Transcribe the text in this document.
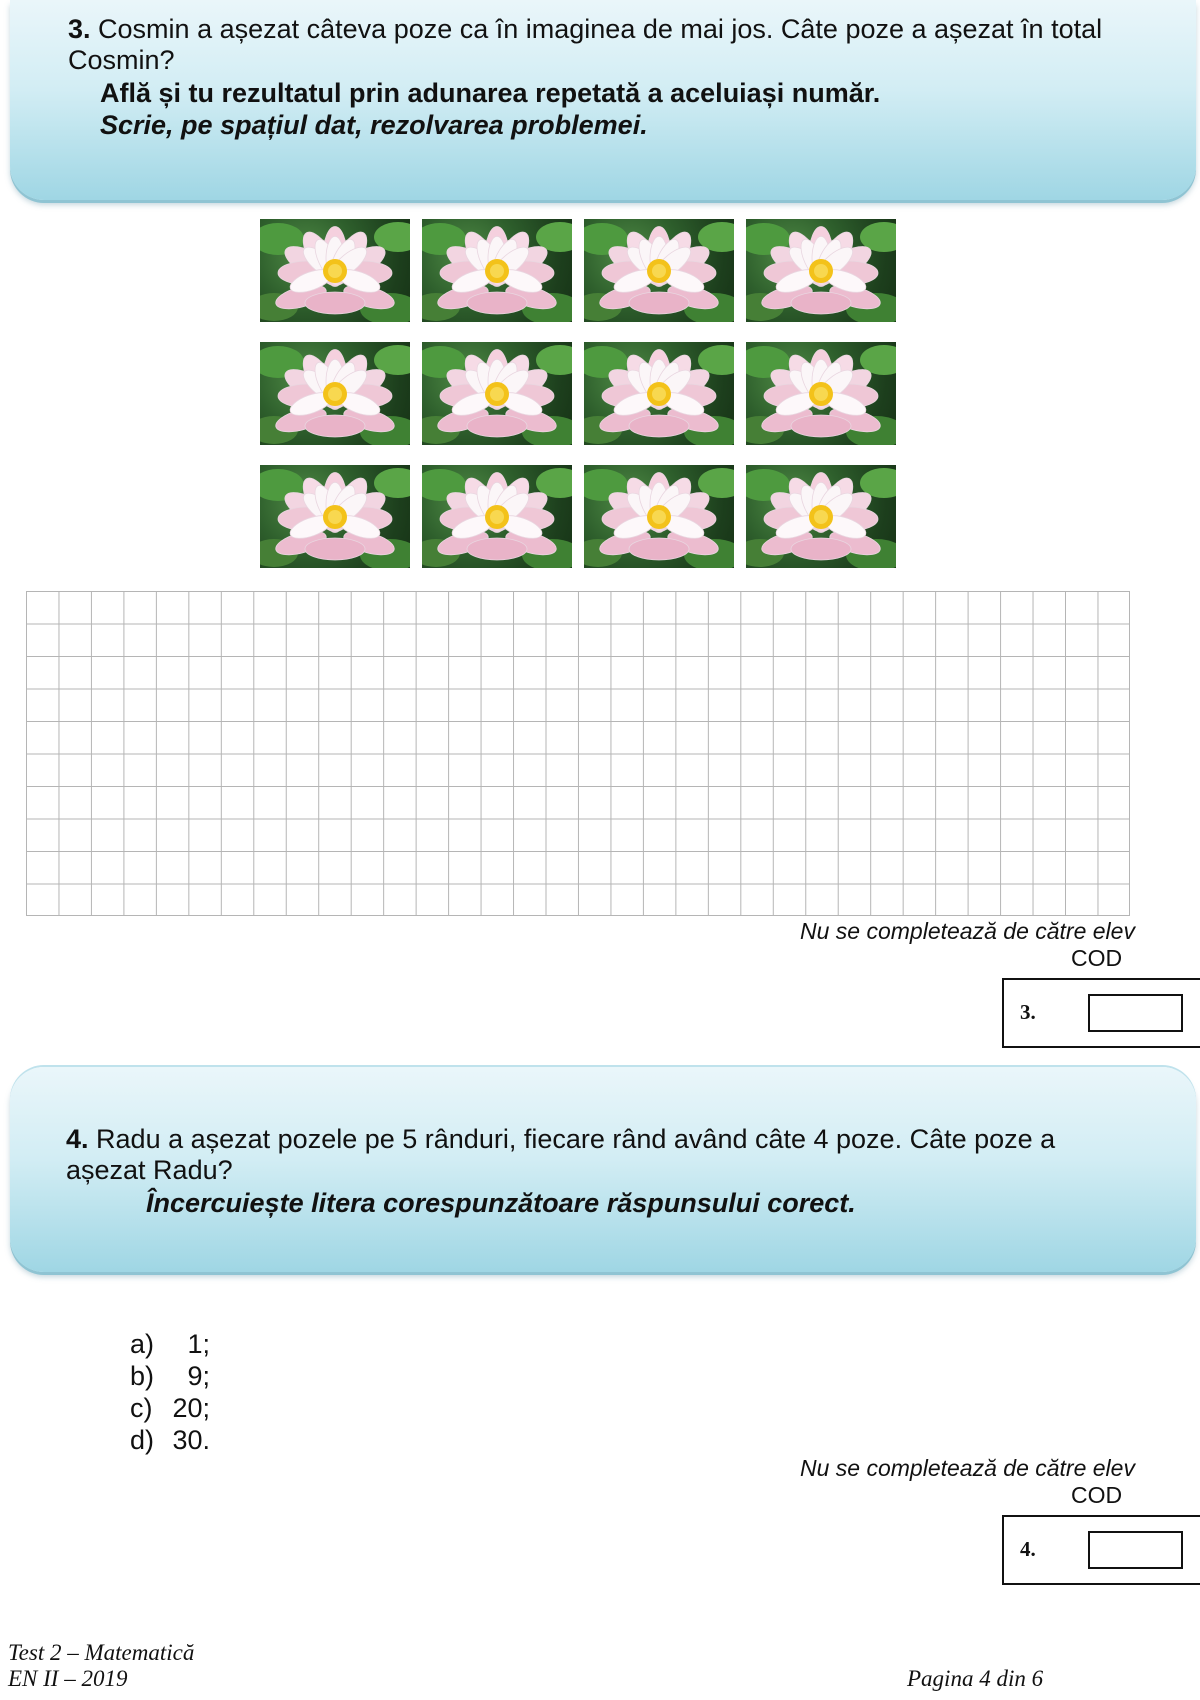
3. Cosmin a așezat câteva poze ca în imaginea de mai jos. Câte poze a așezat în total
Cosmin?
Află și tu rezultatul prin adunarea repetată a aceluiași număr.
Scrie, pe spațiul dat, rezolvarea problemei.
Nu se completează de către elev
COD
3.
4. Radu a așezat pozele pe 5 rânduri, fiecare rând având câte 4 poze. Câte poze a
așezat Radu?
Încercuiește litera corespunzătoare răspunsului corect.
a) 1;
b) 9;
c) 20;
d) 30.
Nu se completează de către elev
COD
4.
Test 2 – Matematică
EN II – 2019	Pagina 4 din 6
